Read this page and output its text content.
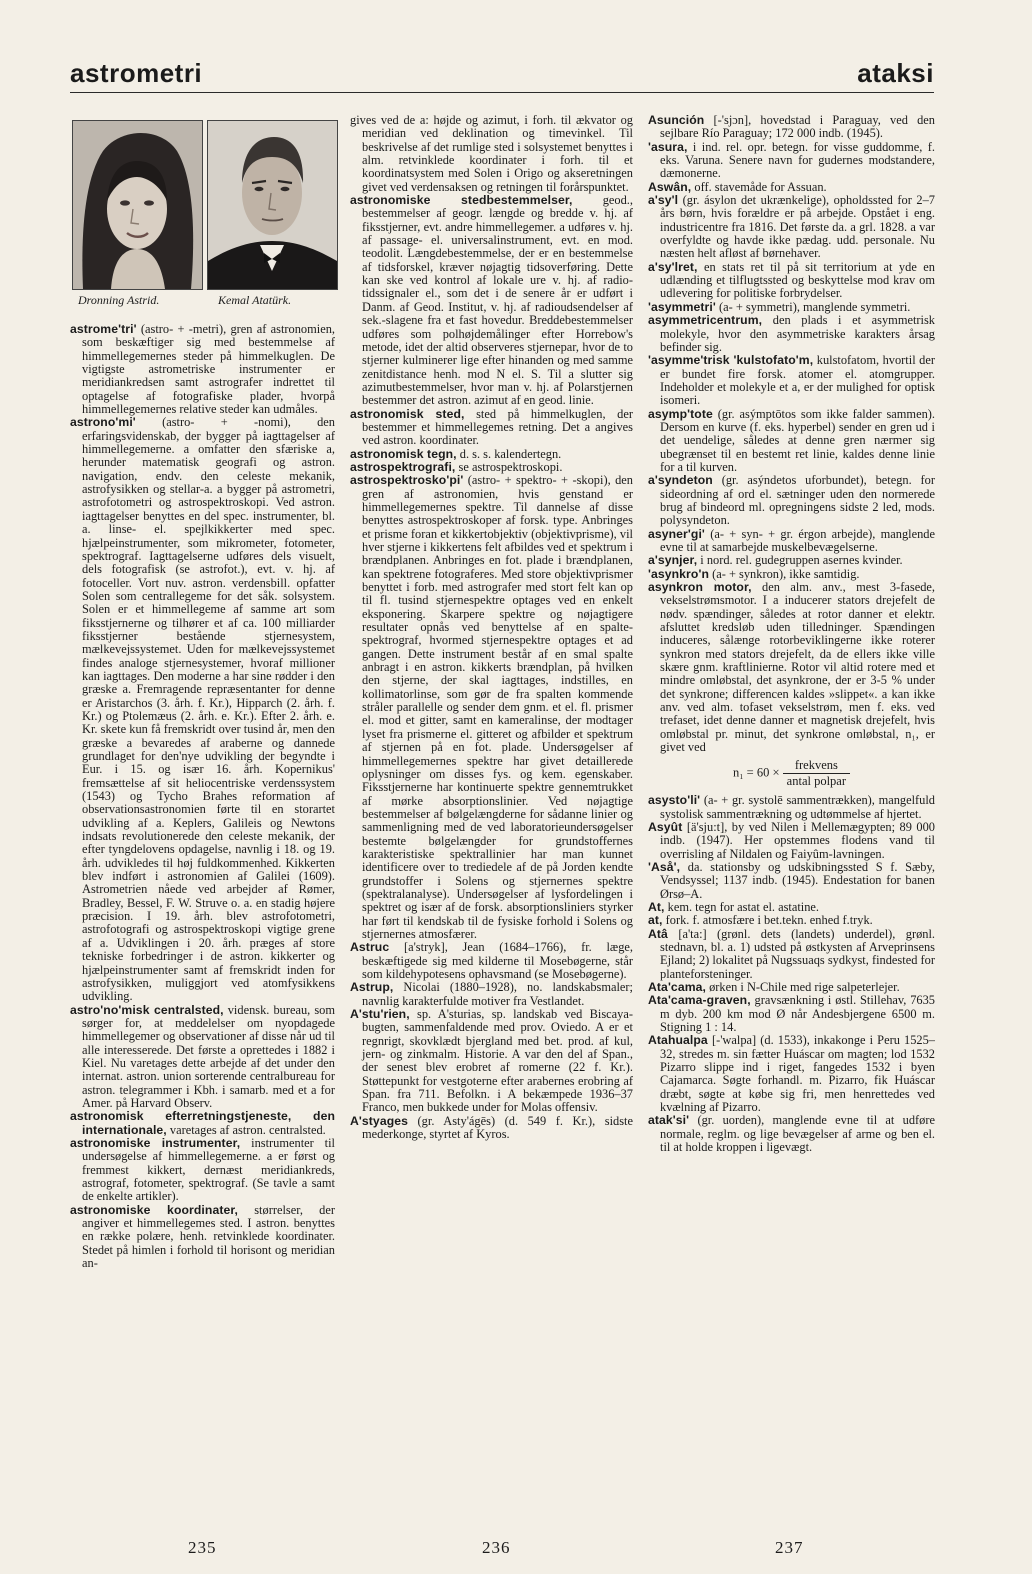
astrometri	ataksi
Dronning Astrid.	Kemal Atatürk.

astrome'tri' (astro- + -metri), gren af astronomien, som beskæftiger sig med bestemmelse af himmellegemernes steder på himmelkuglen. De vigtigste astrometriske instrumenter er meridiankredsen samt astrografer indrettet til optagelse af fotografiske plader, hvorpå himmellegemernes relative steder kan udmåles.

astrono'mi' (astro- + -nomi), den erfaringsvidenskab, der bygger på iagttagelser af himmellegemerne. a omfatter den sfæriske a, herunder matematisk geografi og astron. navigation, endv. den celeste mekanik, astrofysikken og stellar-a. a bygger på astrometri, astrofotometri og astrospektroskopi. Ved astron. iagttagelser benyttes en del spec. instrumenter, bl. a. linse- el. spejlkikkerter med spec. hjælpeinstrumenter, som mikrometer, fotometer, spektrograf. Iagttagelserne udføres dels visuelt, dels fotografisk (se astrofot.), evt. v. hj. af fotoceller. Vort nuv. astron. verdensbill. opfatter Solen som centrallegeme for det såk. solsystem. Solen er et himmellegeme af samme art som fiksstjernerne og tilhører et af ca. 100 milliarder fiksstjerner bestående stjernesystem, mælkevejssystemet. Uden for mælkevejssystemet findes analoge stjernesystemer, hvoraf millioner kan iagttages. Den moderne a har sine rødder i den græske a. Fremragende repræsentanter for denne er Aristarchos (3. årh. f. Kr.), Hipparch (2. årh. f. Kr.) og Ptolemæus (2. årh. e. Kr.). Efter 2. årh. e. Kr. skete kun få fremskridt over tusind år, men den græske a bevaredes af araberne og dannede grundlaget for den'nye udvikling der begyndte i Eur. i 15. og især 16. årh. Kopernikus' fremsættelse af sit heliocentriske verdenssystem (1543) og Tycho Brahes reformation af observationsastronomien førte til en storartet udvikling af a. Keplers, Galileis og Newtons indsats revolutionerede den celeste mekanik, der efter tyngdelovens opdagelse, navnlig i 18. og 19. årh. udvikledes til høj fuldkommenhed. Kikkerten blev indført i astronomien af Galilei (1609). Astrometrien nåede ved arbejder af Rømer, Bradley, Bessel, F. W. Struve o. a. en stadig højere præcision. I 19. årh. blev astrofotometri, astrofotografi og astrospektroskopi vigtige grene af a. Udviklingen i 20. årh. præges af store tekniske forbedringer i de astron. kikkerter og hjælpeinstrumenter samt af fremskridt inden for astrofysikken, muliggjort ved atomfysikkens udvikling.

astro'no'misk centralsted, vidensk. bureau, som sørger for, at meddelelser om nyopdagede himmellegemer og observationer af disse når ud til alle interesserede. Det første a oprettedes i 1882 i Kiel. Nu varetages dette arbejde af det under den internat. astron. union sorterende centralbureau for astron. telegrammer i Kbh. i samarb. med et a for Amer. på Harvard Observ.

astronomisk efterretningstjeneste, den internationale, varetages af astron. centralsted.

astronomiske instrumenter, instrumenter til undersøgelse af himmellegemerne. a er først og fremmest kikkert, dernæst meridiankreds, astrograf, fotometer, spektrograf. (Se tavle a samt de enkelte artikler).

astronomiske koordinater, størrelser, der angiver et himmellegemes sted. I astron. benyttes en række polære, henh. retvinklede koordinater. Stedet på himlen i forhold til horisont og meridian an-

gives ved de a: højde og azimut, i forh. til ækvator og meridian ved deklination og timevinkel. Til beskrivelse af det rumlige sted i solsystemet benyttes i alm. retvinklede koordinater i forh. til et koordinatsystem med Solen i Origo og akseretningen givet ved verdensaksen og retningen til forårspunktet.

astronomiske stedbestemmelser, geod., bestemmelser af geogr. længde og bredde v. hj. af fiksstjerner, evt. andre himmellegemer. a udføres v. hj. af passage- el. universalinstrument, evt. en mod. teodolit. Længdebestemmelse, der er en bestemmelse af tidsforskel, kræver nøjagtig tidsoverføring. Dette kan ske ved kontrol af lokale ure v. hj. af radio-tidssignaler el., som det i de senere år er udført i Danm. af Geod. Institut, v. hj. af radioudsendelser af sek.-slagene fra et fast hovedur. Breddebestemmelser udføres som polhøjdemålinger efter Horrebow's metode, idet der altid observeres stjernepar, hvor de to stjerner kulminerer lige efter hinanden og med samme zenitdistance henh. mod N el. S. Til a slutter sig azimutbestemmelser, hvor man v. hj. af Polarstjernen bestemmer det astron. azimut af en geod. linie.

astronomisk sted, sted på himmelkuglen, der bestemmer et himmellegemes retning. Det a angives ved astron. koordinater.

astronomisk tegn, d. s. s. kalendertegn.

astrospektrografi, se astrospektroskopi.

astrospektrosko'pi' (astro- + spektro- + -skopi), den gren af astronomien, hvis genstand er himmellegemernes spektre. Til dannelse af disse benyttes astrospektroskoper af forsk. type. Anbringes et prisme foran et kikkertobjektiv (objektivprisme), vil hver stjerne i kikkertens felt afbildes ved et spektrum i brændplanen. Anbringes en fot. plade i brændplanen, kan spektrene fotograferes. Med store objektivprismer benyttet i forb. med astrografer med stort felt kan op til fl. tusind stjernespektre optages ved en enkelt eksponering. Skarpere spektre og nøjagtigere resultater opnås ved benyttelse af en spalte-spektrograf, hvormed stjernespektre optages et ad gangen. Dette instrument består af en smal spalte anbragt i en astron. kikkerts brændplan, på hvilken den stjerne, der skal iagttages, indstilles, en kollimatorlinse, som gør de fra spalten kommende stråler parallelle og sender dem gnm. et el. fl. prismer el. mod et gitter, samt en kameralinse, der modtager lyset fra prismerne el. gitteret og afbilder et spektrum af stjernen på en fot. plade. Undersøgelser af himmellegemernes spektre har givet detaillerede oplysninger om disses fys. og kem. egenskaber. Fiksstjernerne har kontinuerte spektre gennemtrukket af mørke absorptionslinier. Ved nøjagtige bestemmelser af bølgelængderne for sådanne linier og sammenligning med de ved laboratorieundersøgelser bestemte bølgelængder for grundstoffernes karakteristiske spektrallinier har man kunnet identificere over to trediedele af de på Jorden kendte grundstoffer i Solens og stjernernes spektre (spektralanalyse). Undersøgelser af lysfordelingen i spektret og især af de forsk. absorptionsliniers styrker har ført til kendskab til de fysiske forhold i Solens og stjernernes atmosfærer.

Astruc [a'stryk], Jean (1684–1766), fr. læge, beskæftigede sig med kilderne til Mosebøgerne, står som kildehypotesens ophavsmand (se Mosebøgerne).

Astrup, Nicolai (1880–1928), no. landskabsmaler; navnlig karakterfulde motiver fra Vestlandet.

A'stu'rien, sp. A'sturias, sp. landskab ved Biscaya-bugten, sammenfaldende med prov. Oviedo. A er et regnrigt, skovklædt bjergland med bet. prod. af kul, jern- og zinkmalm. Historie. A var den del af Span., der senest blev erobret af romerne (22 f. Kr.). Støttepunkt for vestgoterne efter arabernes erobring af Span. fra 711. Befolkn. i A bekæmpede 1936–37 Franco, men bukkede under for Molas offensiv.

A'styages (gr. Asty'ágēs) (d. 549 f. Kr.), sidste mederkonge, styrtet af Kyros.

Asunción [-'sjɔn], hovedstad i Paraguay, ved den sejlbare Río Paraguay; 172 000 indb. (1945).

'asura, i ind. rel. opr. betegn. for visse guddomme, f. eks. Varuna. Senere navn for gudernes modstandere, dæmonerne.

Aswân, off. stavemåde for Assuan.

a'sy'l (gr. ásylon det ukrænkelige), opholdssted for 2–7 års børn, hvis forældre er på arbejde. Opstået i eng. industricentre fra 1816. Det første da. a grl. 1828. a var overfyldte og havde ikke pædag. udd. personale. Nu næsten helt afløst af børnehaver.

a'sy'lret, en stats ret til på sit territorium at yde en udlænding et tilflugtssted og beskyttelse mod krav om udlevering for politiske forbrydelser.

'asymmetri' (a- + symmetri), manglende symmetri.

asymmetricentrum, den plads i et asymmetrisk molekyle, hvor den asymmetriske karakters årsag befinder sig.

'asymme'trisk 'kulstofato'm, kulstofatom, hvortil der er bundet fire forsk. atomer el. atomgrupper. Indeholder et molekyle et a, er der mulighed for optisk isomeri.

asymp'tote (gr. asýmptōtos som ikke falder sammen). Dersom en kurve (f. eks. hyperbel) sender en gren ud i det uendelige, således at denne gren nærmer sig ubegrænset til en bestemt ret linie, kaldes denne linie for a til kurven.

a'syndeton (gr. asýndetos uforbundet), betegn. for sideordning af ord el. sætninger uden den normerede brug af bindeord ml. opregningens sidste 2 led, mods. polysyndeton.

asyner'gi' (a- + syn- + gr. érgon arbejde), manglende evne til at samarbejde muskelbevægelserne.

a'synjer, i nord. rel. gudegruppen asernes kvinder.

'asynkro'n (a- + synkron), ikke samtidig.

asynkron motor, den alm. anv., mest 3-fasede, vekselstrømsmotor. I a inducerer stators drejefelt de nødv. spændinger, således at rotor danner et elektr. afsluttet kredsløb uden tilledninger. Spændingen induceres, sålænge rotorbeviklingerne ikke roterer synkron med stators drejefelt, da de ellers ikke ville skære gnm. kraftlinierne. Rotor vil altid rotere med et mindre omløbstal, det asynkrone, der er 3-5 % under det synkrone; differencen kaldes »slippet«. a kan ikke anv. ved alm. tofaset vekselstrøm, men f. eks. ved trefaset, idet denne danner et magnetisk drejefelt, hvis omløbstal pr. minut, det synkrone omløbstal, n₁, er givet ved

$n_1 = 60 \times \frac{\text{frekvens}}{\text{antal polpar}}$

asysto'li' (a- + gr. systolē sammentrækken), mangelfuld systolisk sammentrækning og udtømmelse af hjertet.

Asyût [ä'sju:t], by ved Nilen i Mellemægypten; 89 000 indb. (1947). Her opstemmes flodens vand til overrisling af Nildalen og Faiyûm-lavningen.

'Aså', da. stationsby og udskibningssted S f. Sæby, Vendsyssel; 1137 indb. (1945). Endestation for banen Ørsø–A.

At, kem. tegn for astat el. astatine.

at, fork. f. atmosfære i bet.tekn. enhed f.tryk.

Atâ [a'ta:] (grønl. dets (landets) underdel), grønl. stednavn, bl. a. 1) udsted på østkysten af Arveprinsens Ejland; 2) lokalitet på Nugssuaqs sydkyst, findested for planteforsteninger.

Ata'cama, ørken i N-Chile med rige salpeterlejer.

Ata'cama-graven, gravsænkning i østl. Stillehav, 7635 m dyb. 200 km mod Ø når Andesbjergene 6500 m. Stigning 1 : 14.

Atahualpa [-'walpa] (d. 1533), inkakonge i Peru 1525–32, stredes m. sin fætter Huáscar om magten; lod 1532 Pizarro slippe ind i riget, fangedes 1532 i byen Cajamarca. Søgte forhandl. m. Pizarro, fik Huáscar dræbt, søgte at købe sig fri, men henrettedes ved kvælning af Pizarro.

atak'si' (gr. uorden), manglende evne til at udføre normale, reglm. og lige bevægelser af arme og ben el. til at holde kroppen i ligevægt.

235	236	237
